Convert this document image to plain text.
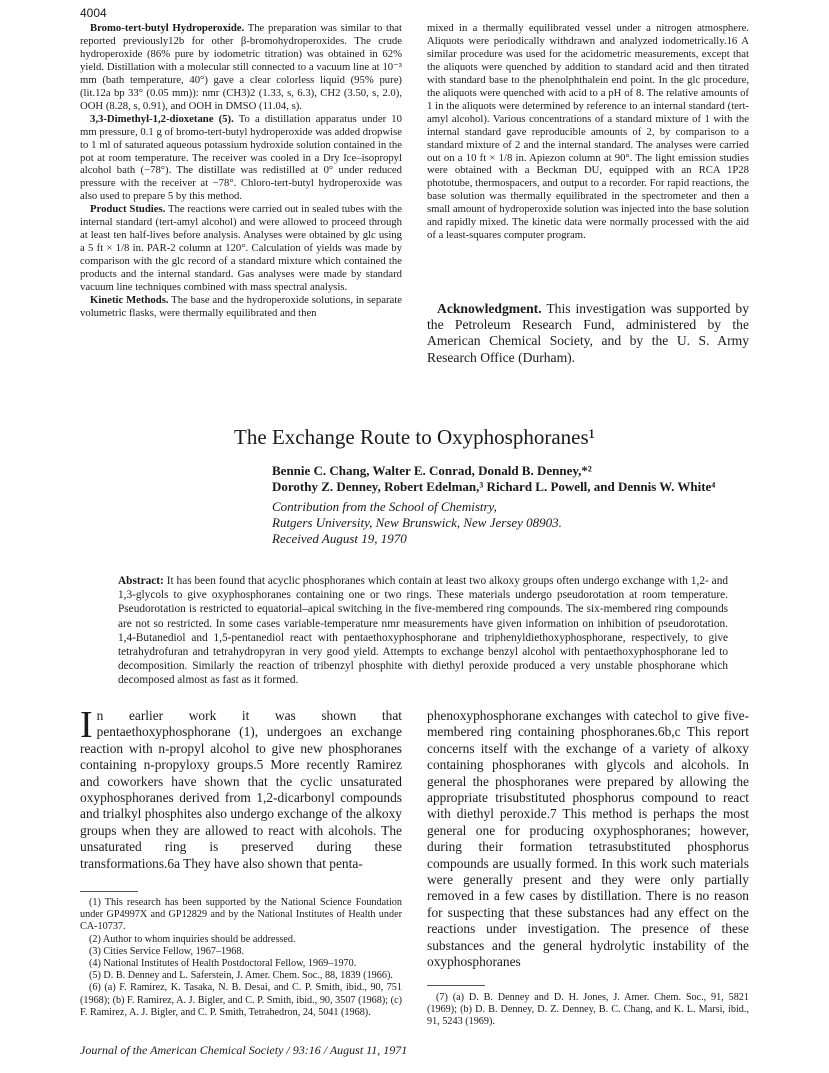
4004

Bromo-tert-butyl Hydroperoxide. The preparation was similar to that reported previously12b for other β-bromohydroperoxides. The crude hydroperoxide (86% pure by iodometric titration) was obtained in 62% yield. Distillation with a molecular still connected to a vacuum line at 10⁻³ mm (bath temperature, 40°) gave a clear colorless liquid (95% pure) (lit.12a bp 33° (0.05 mm)): nmr (CH3)2 (1.33, s, 6.3), CH2 (3.50, s, 2.0), OOH (8.28, s, 0.91), and OOH in DMSO (11.04, s).

3,3-Dimethyl-1,2-dioxetane (5). To a distillation apparatus under 10 mm pressure, 0.1 g of bromo-tert-butyl hydroperoxide was added dropwise to 1 ml of saturated aqueous potassium hydroxide solution contained in the pot at room temperature. The receiver was cooled in a Dry Ice–isopropyl alcohol bath (−78°). The distillate was redistilled at 0° under reduced pressure with the receiver at −78°. Chloro-tert-butyl hydroperoxide was also used to prepare 5 by this method.

Product Studies. The reactions were carried out in sealed tubes with the internal standard (tert-amyl alcohol) and were allowed to proceed through at least ten half-lives before analysis. Analyses were obtained by glc using a 5 ft × 1/8 in. PAR-2 column at 120°. Calculation of yields was made by comparison with the glc record of a standard mixture which contained the products and the internal standard. Gas analyses were made by standard vacuum line techniques combined with mass spectral analysis.

Kinetic Methods. The base and the hydroperoxide solutions, in separate volumetric flasks, were thermally equilibrated and then

mixed in a thermally equilibrated vessel under a nitrogen atmosphere. Aliquots were periodically withdrawn and analyzed iodometrically.16 A similar procedure was used for the acidometric measurements, except that the aliquots were quenched by addition to standard acid and then titrated with standard base to the phenolphthalein end point. In the glc procedure, the aliquots were quenched with acid to a pH of 8. The relative amounts of 1 in the aliquots were determined by reference to an internal standard (tert-amyl alcohol). Various concentrations of a standard mixture of 1 with the internal standard gave reproducible amounts of 2, by comparison to a standard mixture of 2 and the internal standard. The analyses were carried out on a 10 ft × 1/8 in. Apiezon column at 90°. The light emission studies were obtained with a Beckman DU, equipped with an RCA 1P28 phototube, thermospacers, and output to a recorder. For rapid reactions, the base solution was thermally equilibrated in the spectrometer and then a small amount of hydroperoxide solution was injected into the base solution and rapidly mixed. The kinetic data were normally processed with the aid of a least-squares computer program.

Acknowledgment. This investigation was supported by the Petroleum Research Fund, administered by the American Chemical Society, and by the U. S. Army Research Office (Durham).
The Exchange Route to Oxyphosphoranes¹
Bennie C. Chang, Walter E. Conrad, Donald B. Denney,*²
Dorothy Z. Denney, Robert Edelman,³ Richard L. Powell, and Dennis W. White⁴
Contribution from the School of Chemistry,
Rutgers University, New Brunswick, New Jersey 08903.
Received August 19, 1970
Abstract: It has been found that acyclic phosphoranes which contain at least two alkoxy groups often undergo exchange with 1,2- and 1,3-glycols to give oxyphosphoranes containing one or two rings. These materials undergo pseudorotation at room temperature. Pseudorotation is restricted to equatorial–apical switching in the five-membered ring compounds. The six-membered ring compounds are not so restricted. In some cases variable-temperature nmr measurements have given information on inhibition of pseudorotation. 1,4-Butanediol and 1,5-pentanediol react with pentaethoxyphosphorane and triphenyldiethoxyphosphorane, respectively, to give tetrahydrofuran and tetrahydropyran in very good yield. Attempts to exchange benzyl alcohol with pentaethoxyphosphorane led to decomposition. Similarly the reaction of tribenzyl phosphite with diethyl peroxide produced a very unstable phosphorane which decomposed almost as fast as it formed.

In earlier work it was shown that pentaethoxyphosphorane (1), undergoes an exchange reaction with n-propyl alcohol to give new phosphoranes containing n-propyloxy groups.5 More recently Ramirez and coworkers have shown that the cyclic unsaturated oxyphosphoranes derived from 1,2-dicarbonyl compounds and trialkyl phosphites also undergo exchange of the alkoxy groups when they are allowed to react with alcohols. The unsaturated ring is preserved during these transformations.6a They have also shown that penta-

phenoxyphosphorane exchanges with catechol to give five-membered ring containing phosphoranes.6b,c This report concerns itself with the exchange of a variety of alkoxy containing phosphoranes with glycols and alcohols. In general the phosphoranes were prepared by allowing the appropriate trisubstituted phosphorus compound to react with diethyl peroxide.7 This method is perhaps the most general one for producing oxyphosphoranes; however, during their formation tetrasubstituted phosphorus compounds are usually formed. In this work such materials were generally present and they were only partially removed in a few cases by distillation. There is no reason for suspecting that these substances had any effect on the reactions under investigation. The presence of these substances and the general hydrolytic instability of the oxyphosphoranes

(1) This research has been supported by the National Science Foundation under GP4997X and GP12829 and by the National Institutes of Health under CA-10737.
(2) Author to whom inquiries should be addressed.
(3) Cities Service Fellow, 1967–1968.
(4) National Institutes of Health Postdoctoral Fellow, 1969–1970.
(5) D. B. Denney and L. Saferstein, J. Amer. Chem. Soc., 88, 1839 (1966).
(6) (a) F. Ramirez, K. Tasaka, N. B. Desai, and C. P. Smith, ibid., 90, 751 (1968); (b) F. Ramirez, A. J. Bigler, and C. P. Smith, ibid., 90, 3507 (1968); (c) F. Ramirez, A. J. Bigler, and C. P. Smith, Tetrahedron, 24, 5041 (1968).
(7) (a) D. B. Denney and D. H. Jones, J. Amer. Chem. Soc., 91, 5821 (1969); (b) D. B. Denney, D. Z. Denney, B. C. Chang, and K. L. Marsi, ibid., 91, 5243 (1969).
Journal of the American Chemical Society / 93:16 / August 11, 1971
